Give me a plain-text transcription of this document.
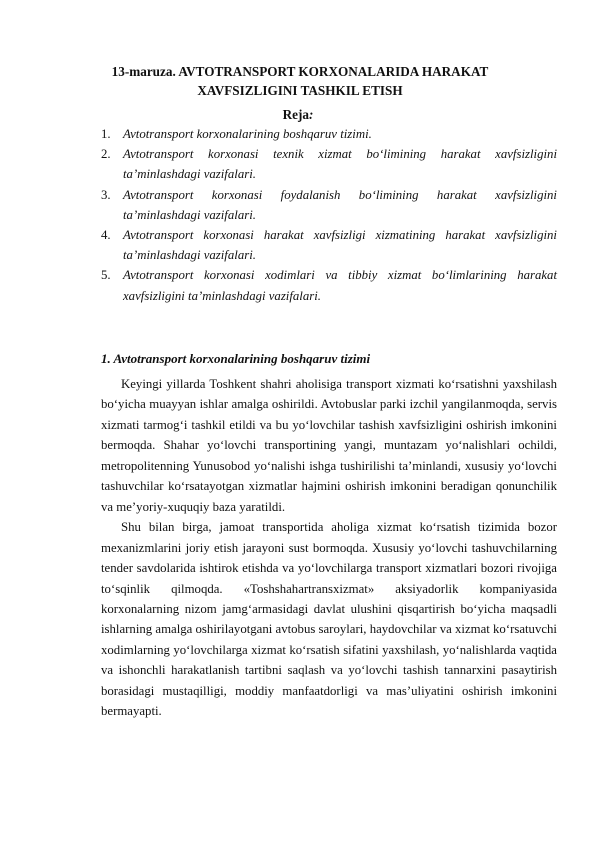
13-maruza. AVTOTRANSPORT KORXONALARIDA HARAKAT
XAVFSIZLIGINI TASHKIL ETISH
Reja:
1. Avtotransport korxonalarining boshqaruv tizimi.
2. Avtotransport korxonasi texnik xizmat bo‘limining harakat xavfsizligini ta’minlashdagi vazifalari.
3. Avtotransport korxonasi foydalanish bo‘limining harakat xavfsizligini ta’minlashdagi vazifalari.
4. Avtotransport korxonasi harakat xavfsizligi xizmatining harakat xavfsizligini ta’minlashdagi vazifalari.
5. Avtotransport korxonasi xodimlari va tibbiy xizmat bo‘limlarining harakat xavfsizligini ta’minlashdagi vazifalari.
1. Avtotransport korxonalarining boshqaruv tizimi

Keyingi yillarda Toshkent shahri aholisiga transport xizmati ko‘rsatishni yaxshilash bo‘yicha muayyan ishlar amalga oshirildi. Avtobuslar parki izchil yangilanmoqda, servis xizmati tarmog‘i tashkil etildi va bu yo‘lovchilar tashish xavfsizligini oshirish imkonini bermoqda. Shahar yo‘lovchi transportining yangi, muntazam yo‘nalishlari ochildi, metropolitenning Yunusobod yo‘nalishi ishga tushirilishi ta’minlandi, xususiy yo‘lovchi tashuvchilar ko‘rsatayotgan xizmatlar hajmini oshirish imkonini beradigan qonunchilik va me’yoriy-xuquqiy baza yaratildi.

Shu bilan birga, jamoat transportida aholiga xizmat ko‘rsatish tizimida bozor mexanizmlarini joriy etish jarayoni sust bormoqda. Xususiy yo‘lovchi tashuvchilarning tender savdolarida ishtirok etishda va yo‘lovchilarga transport xizmatlari bozori rivojiga to‘sqinlik qilmoqda. «Toshshahartransxizmat» aksiyadorlik kompaniyasida korxonalarning nizom jamg‘armasidagi davlat ulushini qisqartirish bo‘yicha maqsadli ishlarning amalga oshirilayotgani avtobus saroylari, haydovchilar va xizmat ko‘rsatuvchi xodimlarning yo‘lovchilarga xizmat ko‘rsatish sifatini yaxshilash, yo‘nalishlarda vaqtida va ishonchli harakatlanish tartibni saqlash va yo‘lovchi tashish tannarxini pasaytirish borasidagi mustaqilligi, moddiy manfaatdorligi va mas’uliyatini oshirish imkonini bermayapti.
